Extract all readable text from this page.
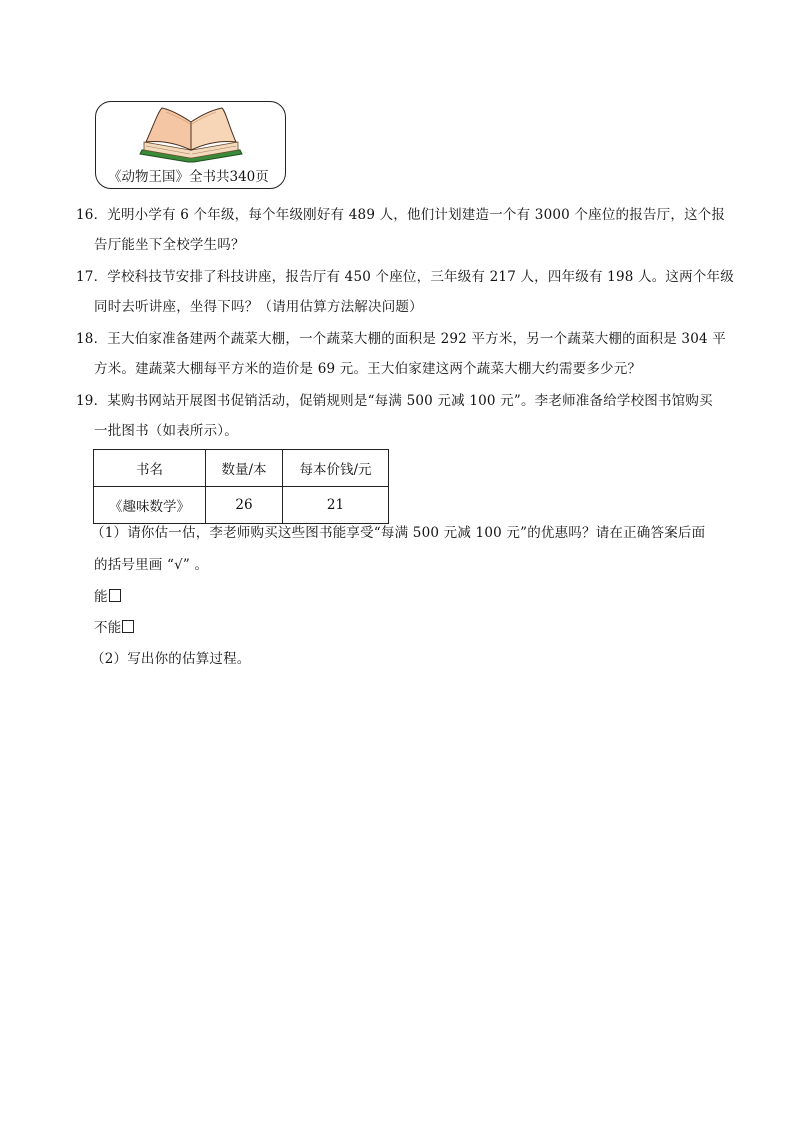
《动物王国》全书共340页
16．光明小学有 6 个年级，每个年级刚好有 489 人，他们计划建造一个有 3000 个座位的报告厅，这个报
告厅能坐下全校学生吗？
17．学校科技节安排了科技讲座，报告厅有 450 个座位，三年级有 217 人，四年级有 198 人。这两个年级
同时去听讲座，坐得下吗？（请用估算方法解决问题）
18．王大伯家准备建两个蔬菜大棚，一个蔬菜大棚的面积是 292 平方米，另一个蔬菜大棚的面积是 304 平
方米。建蔬菜大棚每平方米的造价是 69 元。王大伯家建这两个蔬菜大棚大约需要多少元？
19．某购书网站开展图书促销活动，促销规则是“每满 500 元减 100 元”。李老师准备给学校图书馆购买
一批图书（如表所示）。
书名	数量/本	每本价钱/元
《趣味数学》	26	21
（1）请你估一估，李老师购买这些图书能享受“每满 500 元减 100 元”的优惠吗？请在正确答案后面
的括号里画 “√” 。
能
不能
（2）写出你的估算过程。
